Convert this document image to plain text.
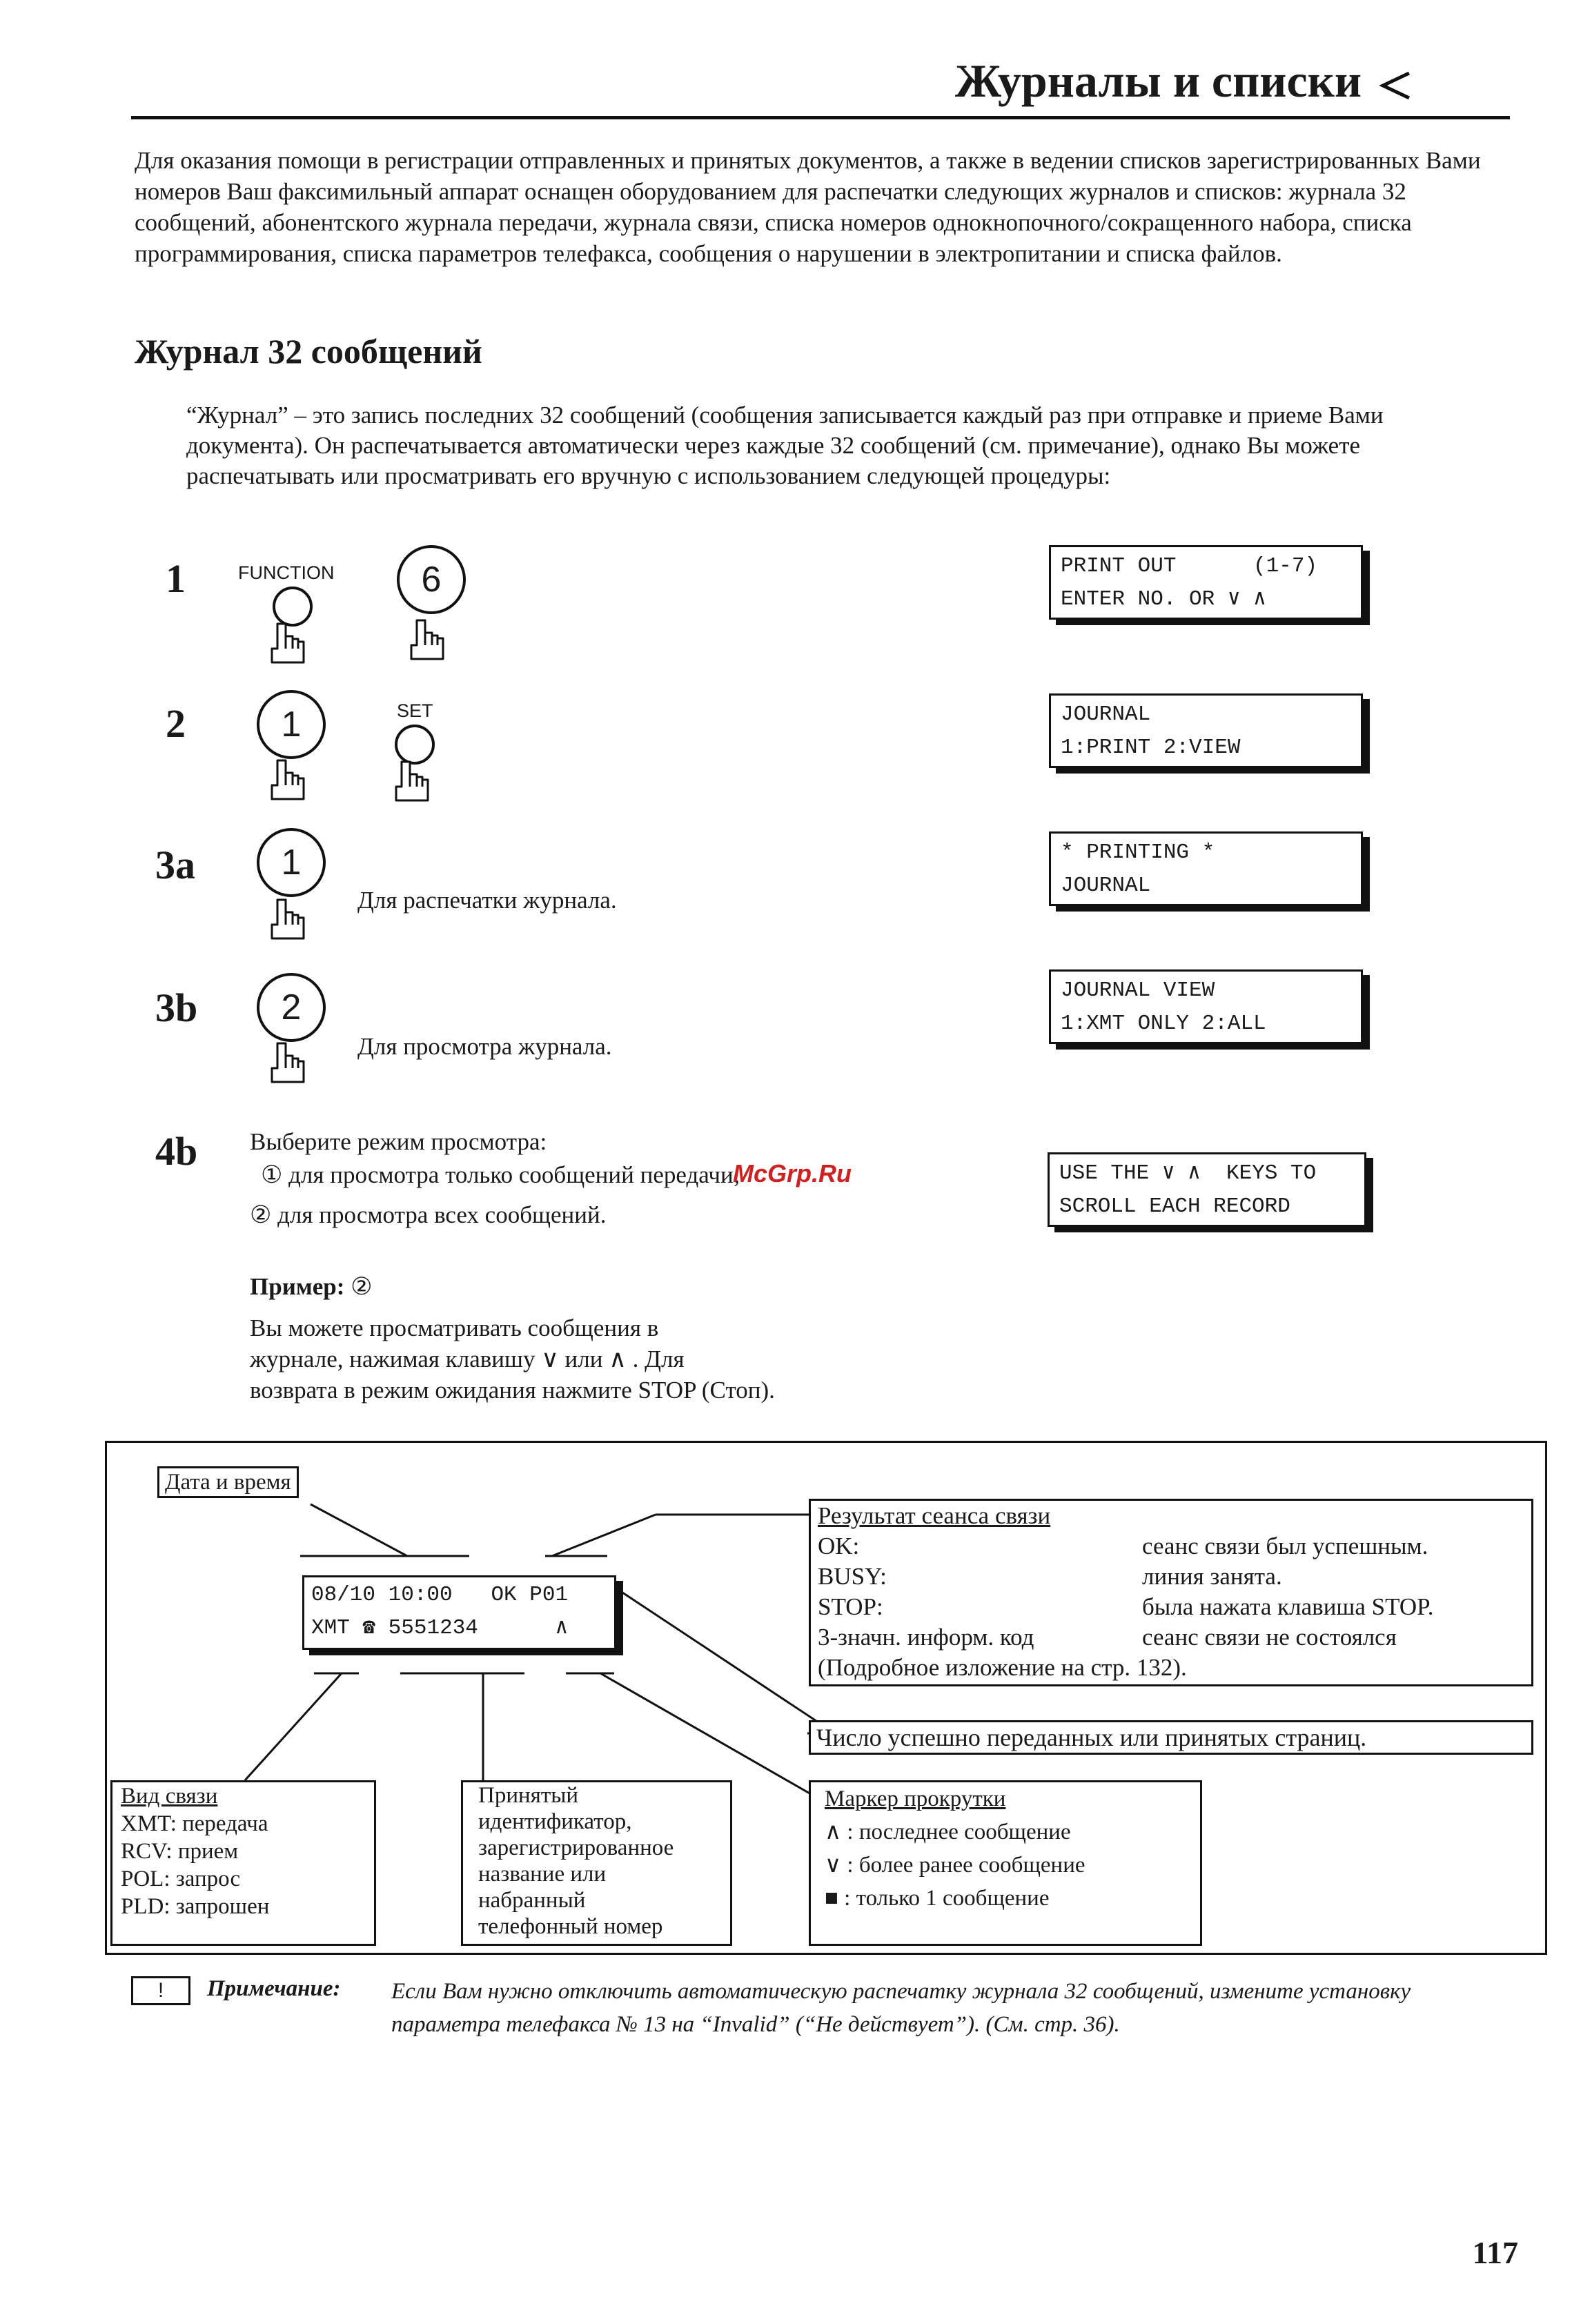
Журналы и списки

Для оказания помощи в регистрации отправленных и принятых документов, а также в ведении списков зарегистрированных Вами номеров Ваш факсимильный аппарат оснащен оборудованием для распечатки следующих журналов и списков: журнала 32 сообщений, абонентского журнала передачи, журнала связи, списка номеров однокнопочного/сокращенного набора, списка программирования, списка параметров телефакса, сообщения о нарушении в электропитании и списка файлов.

Журнал 32 сообщений

“Журнал” – это запись последних 32 сообщений (сообщения записывается каждый раз при отправке и приеме Вами документа). Он распечатывается автоматически через каждые 32 сообщений (см. примечание), однако Вы можете распечатывать или просматривать его вручную с использованием следующей процедуры:

1	FUNCTION	6	PRINT OUT      (1-7)
ENTER NO. OR ∨ ∧
2	1	SET	JOURNAL
1:PRINT 2:VIEW
3a	1
Для распечатки журнала.
* PRINTING *
JOURNAL
3b	2
Для просмотра журнала.
JOURNAL VIEW
1:XMT ONLY 2:ALL
4b Выберите режим просмотра:
① для просмотра только сообщений передачи;
② для просмотра всех сообщений.
USE THE ∨ ∧  KEYS TO
SCROLL EACH RECORD
McGrp.Ru
Пример: ②
Вы можете просматривать сообщения в
журнале, нажимая клавишу ∨ или ∧ . Для
возврата в режим ожидания нажмите STOP (Стоп).
Дата и время
08/10 10:00   OK P01
XMT ☎ 5551234      ∧
Результат сеанса связи
OK:	сеанс связи был успешным.
BUSY:	линия занята.
STOP:	была нажата клавиша STOP.
3-значн. информ. код	сеанс связи не состоялся
(Подробное изложение на стр. 132).
Число успешно переданных или принятых страниц.
Вид связи
XMT: передача
RCV: прием
POL: запрос
PLD: запрошен
Принятый
идентификатор,
зарегистрированное
название или
набранный
телефонный номер
Маркер прокрутки
∧ : последнее сообщение
∨ : более ранее сообщение
■ : только 1 сообщение
!	Примечание: Если Вам нужно отключить автоматическую распечатку журнала 32 сообщений, измените установку параметра телефакса № 13 на “Invalid” (“Не действует”). (См. стр. 36).
117
